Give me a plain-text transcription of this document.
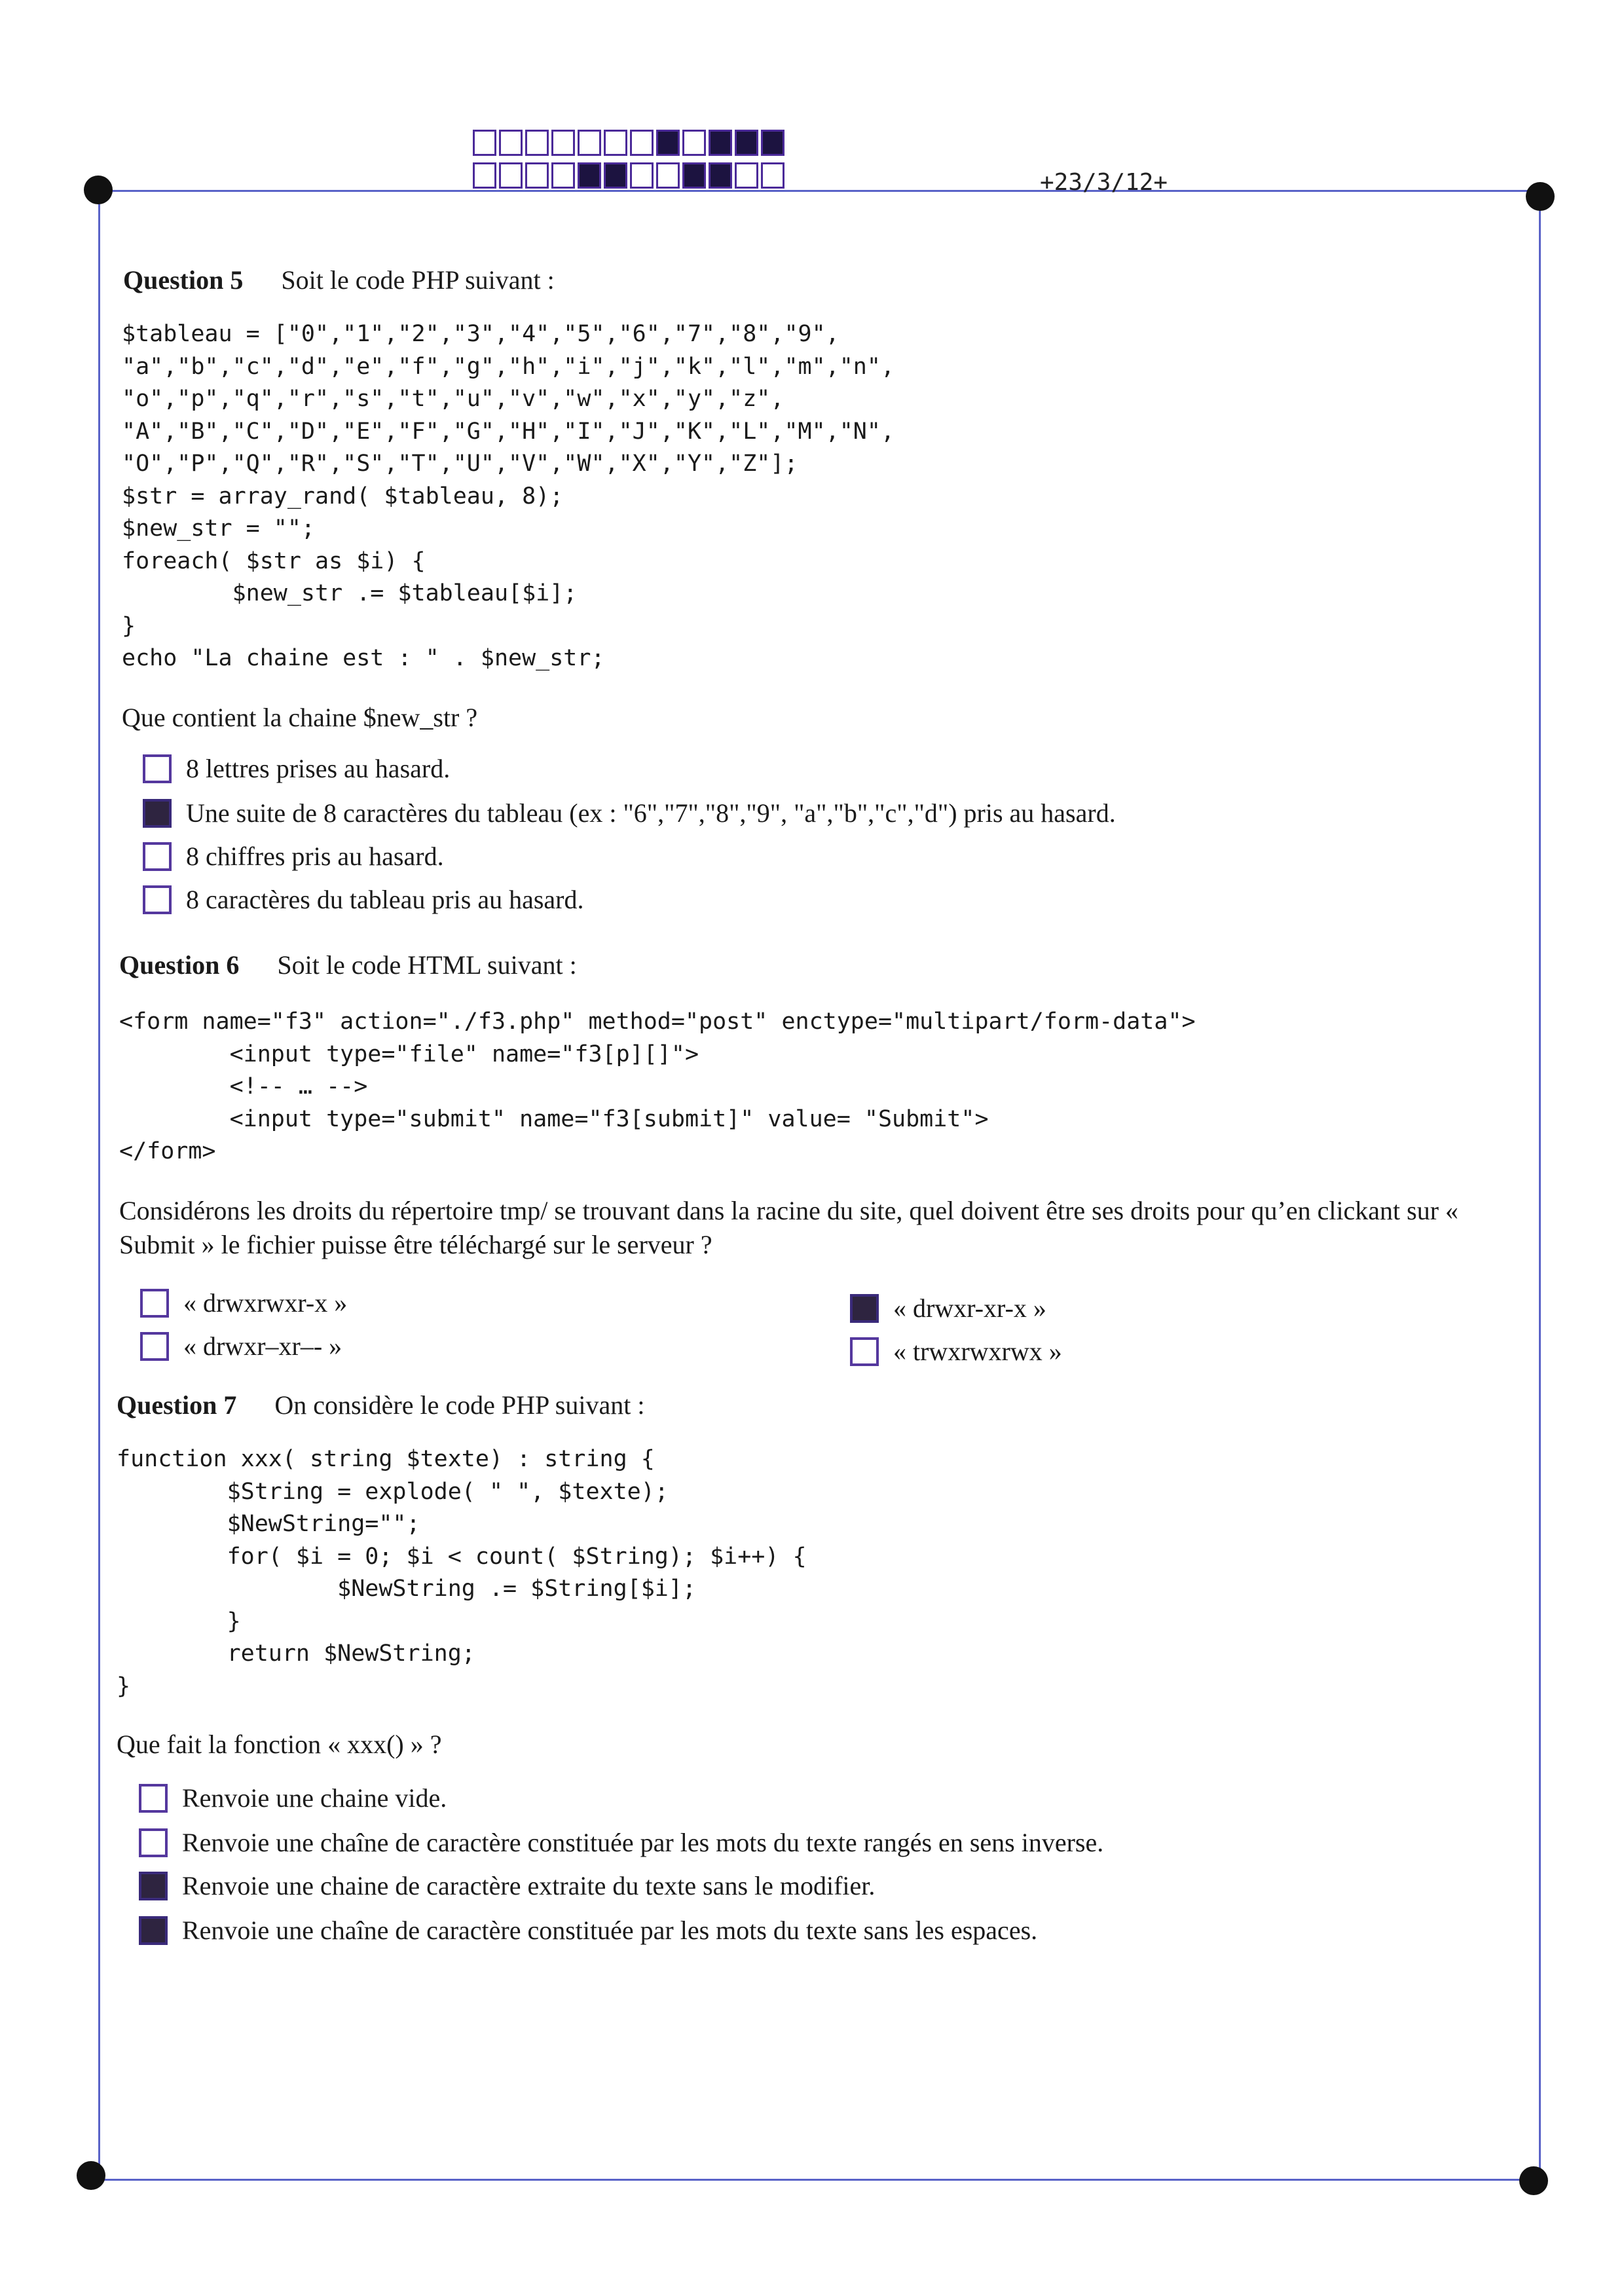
+23/3/12+
Question 5 Soit le code PHP suivant :
$tableau = ["0","1","2","3","4","5","6","7","8","9",
"a","b","c","d","e","f","g","h","i","j","k","l","m","n",
"o","p","q","r","s","t","u","v","w","x","y","z",
"A","B","C","D","E","F","G","H","I","J","K","L","M","N",
"O","P","Q","R","S","T","U","V","W","X","Y","Z"];
$str = array_rand( $tableau, 8);
$new_str = "";
foreach( $str as $i) {
$new_str .= $tableau[$i];
}
echo "La chaine est : " . $new_str;
Que contient la chaine $new_str ?
8 lettres prises au hasard.
Une suite de 8 caractères du tableau (ex : "6","7","8","9", "a","b","c","d") pris au hasard.
8 chiffres pris au hasard.
8 caractères du tableau pris au hasard.
Question 6 Soit le code HTML suivant :
<form name="f3" action="./f3.php" method="post" enctype="multipart/form-data">
<input type="file" name="f3[p][]">
<!-- … -->
<input type="submit" name="f3[submit]" value= "Submit">
</form>
Considérons les droits du répertoire tmp/ se trouvant dans la racine du site, quel doivent être ses droits pour qu’en clickant sur « Submit » le fichier puisse être téléchargé sur le serveur ?
« drwxrwxr-x »	« drwxr-xr-x »
« drwxr–xr–- »	« trwxrwxrwx »
Question 7 On considère le code PHP suivant :
function xxx( string $texte) : string {
$String = explode( " ", $texte);
$NewString="";
for( $i = 0; $i < count( $String); $i++) {
$NewString .= $String[$i];
}
return $NewString;
}
Que fait la fonction « xxx() » ?
Renvoie une chaine vide.
Renvoie une chaîne de caractère constituée par les mots du texte rangés en sens inverse.
Renvoie une chaine de caractère extraite du texte sans le modifier.
Renvoie une chaîne de caractère constituée par les mots du texte sans les espaces.
